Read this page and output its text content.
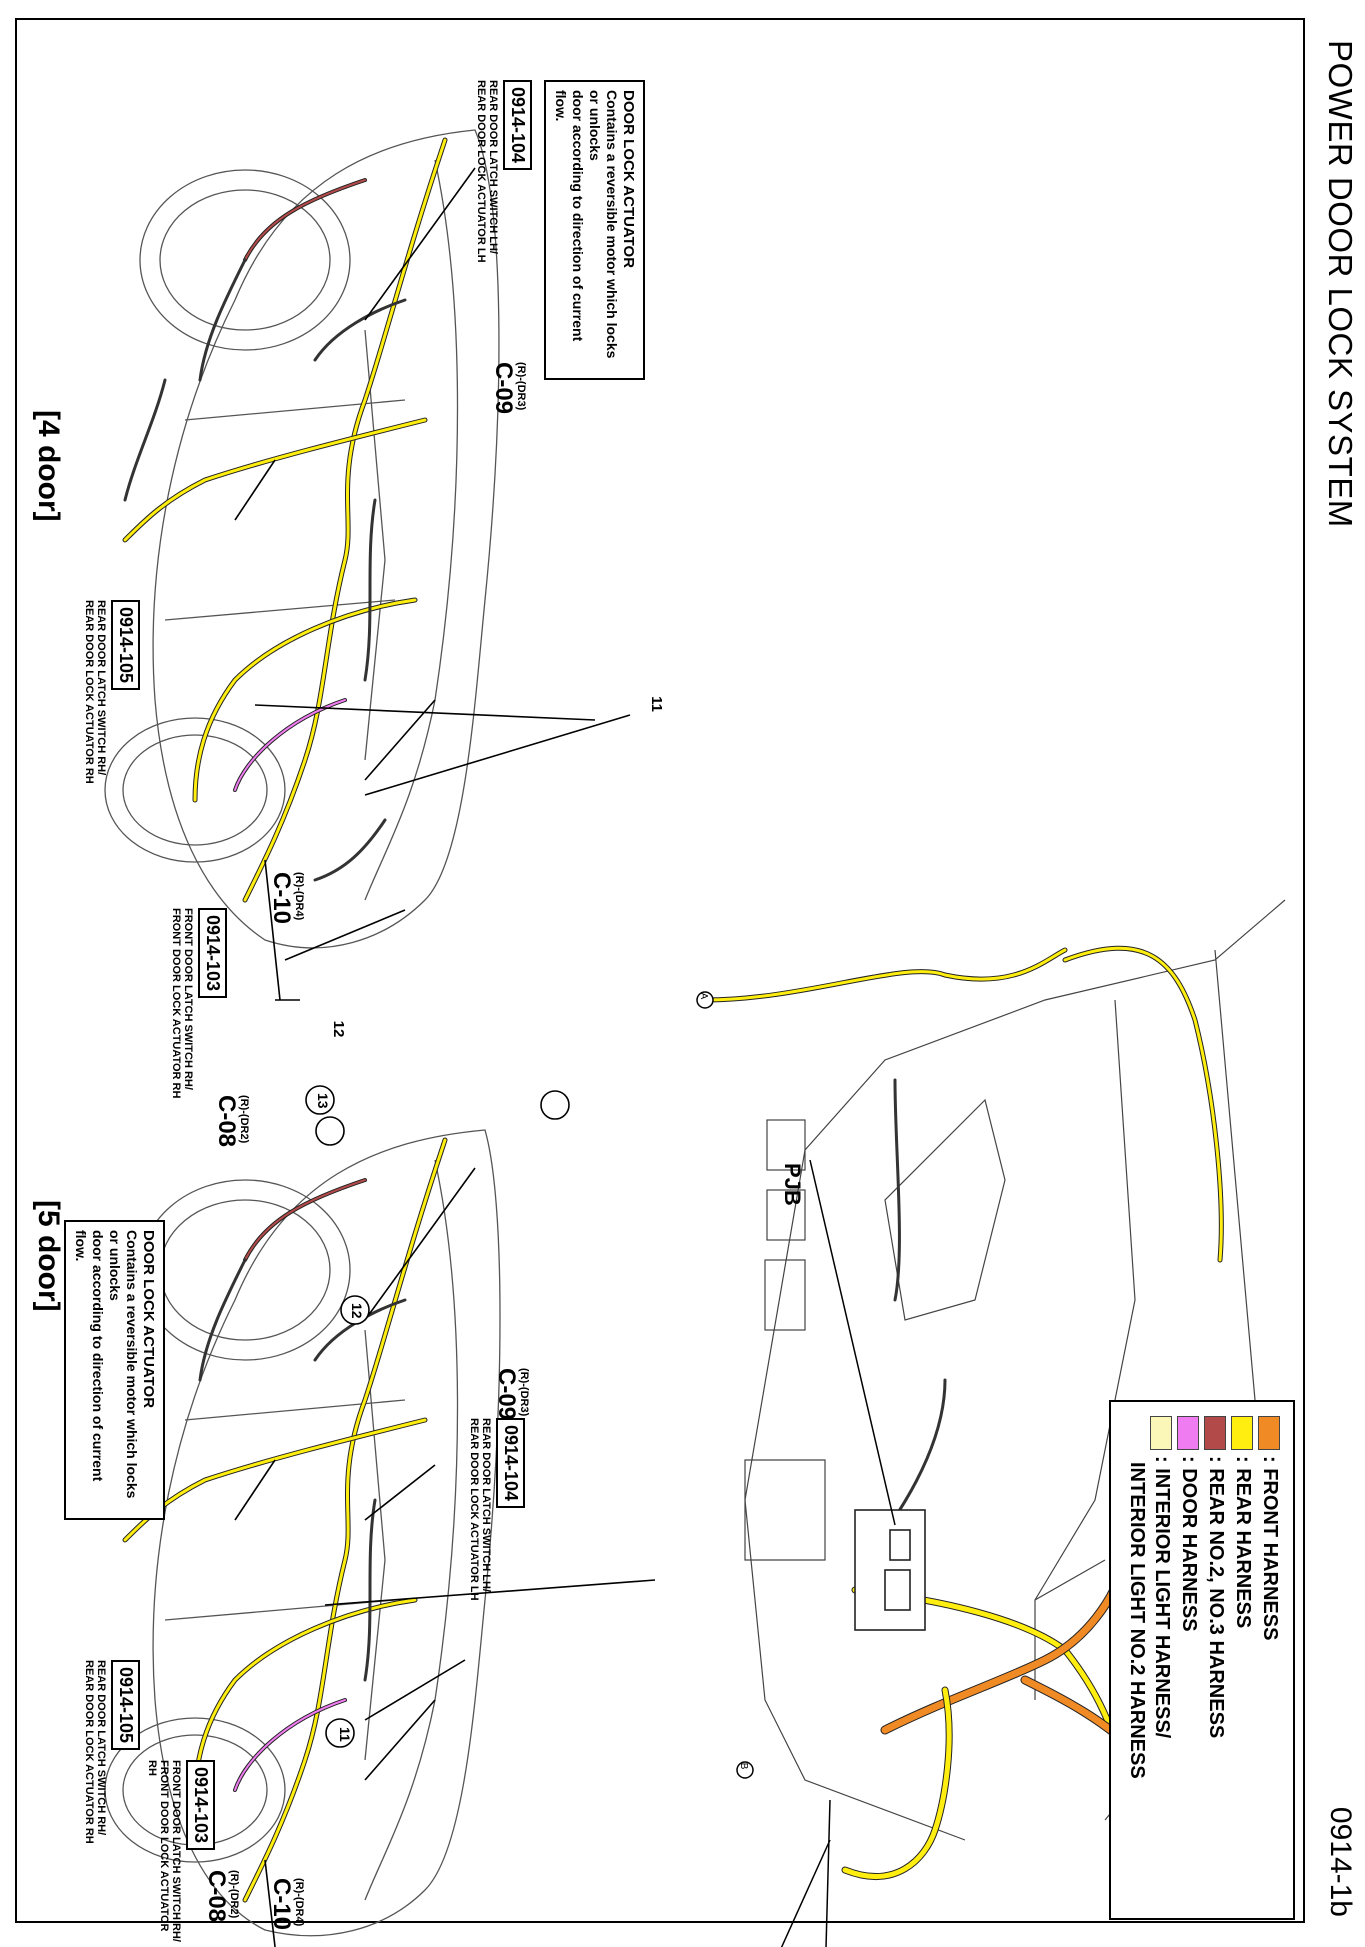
POWER DOOR LOCK SYSTEM
0914-1b
A
B
11
12
DOOR LOCK ACTUATOR
Contains a reversible motor which locks or unlocks
door according to direction of current flow.
0914-104
REAR DOOR LATCH SWITCH LH/
REAR DOOR LOCK ACTUATOR LH
(R)-(DR3)
C-09
[4 door]
0914-105
REAR DOOR LATCH SWITCH RH/
REAR DOOR LOCK ACTUATOR RH
(R)-(DR4)
C-10
0914-103
FRONT DOOR LATCH SWITCH RH/
FRONT DOOR LOCK ACTUATOR RH
(R)-(DR2)
C-08
DOOR LOCK ACTUATOR
Contains a reversible motor which locks or unlocks
door according to direction of current flow.
0914-104
REAR DOOR LATCH SWITCH LH/
REAR DOOR LOCK ACTUATOR LH
(R)-(DR3)
C-09
[5 door]
0914-105
REAR DOOR LATCH SWITCH RH/
REAR DOOR LOCK ACTUATOR RH
(R)-(DR4)
C-10
0914-103
FRONT DOOR LATCH SWITCH RH/
FRONT DOOR LOCK ACTUATOR RH
(R)-(DR2)
C-08
11
12
13
PJB
: FRONT HARNESS
: REAR HARNESS
: REAR NO.2, NO.3 HARNESS
: DOOR HARNESS
: INTERIOR LIGHT HARNESS/
INTERIOR LIGHT NO.2 HARNESS
